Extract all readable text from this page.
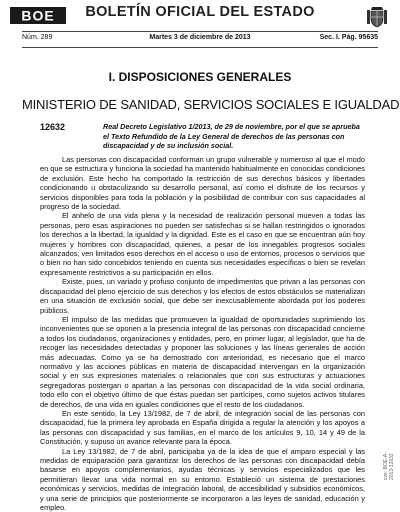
BOE	BOLETÍN OFICIAL DEL ESTADO
Núm. 289	Martes 3 de diciembre de 2013	Sec. I. Pág. 95635
I. DISPOSICIONES GENERALES
MINISTERIO DE SANIDAD, SERVICIOS SOCIALES E IGUALDAD
12632	Real Decreto Legislativo 1/2013, de 29 de noviembre, por el que se aprueba el Texto Refundido de la Ley General de derechos de las personas con discapacidad y de su inclusión social.

Las personas con discapacidad conforman un grupo vulnerable y numeroso al que el modo en que se estructura y funciona la sociedad ha mantenido habitualmente en conocidas condiciones de exclusión. Este hecho ha comportado la restricción de sus derechos básicos y libertades condicionando u obstaculizando su desarrollo personal, así como el disfrute de los recursos y servicios disponibles para toda la población y la posibilidad de contribuir con sus capacidades al progreso de la sociedad.

El anhelo de una vida plena y la necesidad de realización personal mueven a todas las personas, pero esas aspiraciones no pueden ser satisfechas si se hallan restringidos o ignorados los derechos a la libertad, la igualdad y la dignidad. Este es el caso en que se encuentran aún hoy mujeres y hombres con discapacidad, quienes, a pesar de los innegables progresos sociales alcanzados, ven limitados esos derechos en el acceso o uso de entornos, procesos o servicios que o bien no han sido concebidos teniendo en cuenta sus necesidades específicas o bien se revelan expresamente restrictivos a su participación en ellos.

Existe, pues, un variado y profuso conjunto de impedimentos que privan a las personas con discapacidad del pleno ejercicio de sus derechos y los efectos de estos obstáculos se materializan en una situación de exclusión social, que debe ser inexcusablemente abordada por los poderes públicos.

El impulso de las medidas que promueven la igualdad de oportunidades suprimiendo los inconvenientes que se oponen a la presencia integral de las personas con discapacidad concierne a todos los ciudadanos, organizaciones y entidades, pero, en primer lugar, al legislador, que ha de recoger las necesidades detectadas y proponer las soluciones y las líneas generales de acción más adecuadas. Como ya se ha demostrado con anterioridad, es necesario que el marco normativo y las acciones públicas en materia de discapacidad intervengan en la organización social y en sus expresiones materiales o relacionales que con sus estructuras y actuaciones segregadoras postergan o apartan a las personas con discapacidad de la vida social ordinaria, todo ello con el objetivo último de que éstas puedan ser partícipes, como sujetos activos titulares de derechos, de una vida en iguales condiciones que el resto de los ciudadanos.

En este sentido, la Ley 13/1982, de 7 de abril, de integración social de las personas con discapacidad, fue la primera ley aprobada en España dirigida a regular la atención y los apoyos a las personas con discapacidad y sus familias, en el marco de los artículos 9, 10, 14 y 49 de la Constitución, y supuso un avance relevante para la época.

La Ley 13/1982, de 7 de abril, participaba ya de la idea de que el amparo especial y las medidas de equiparación para garantizar los derechos de las personas con discapacidad debía basarse en apoyos complementarios, ayudas técnicas y servicios especializados que les permitieran llevar una vida normal en su entorno. Estableció un sistema de prestaciones económicas y servicios, medidas de integración laboral, de accesibilidad y subsidios económicos, y una serie de principios que posteriormente se incorporaron a las leyes de sanidad, educación y empleo.

cve: BOE-A-2013-12632
